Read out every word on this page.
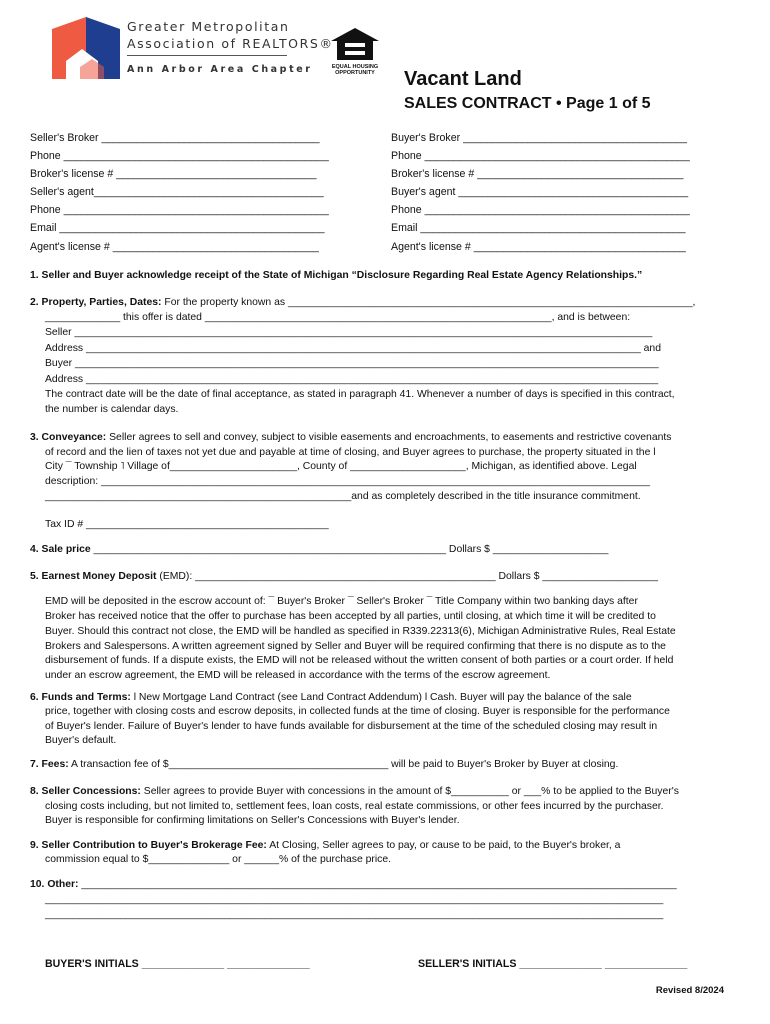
Greater Metropolitan
Association of REALTORS®
Ann Arbor Area Chapter	EQUAL HOUSING
OPPORTUNITY	Vacant Land
SALES CONTRACT • Page 1 of 5
Seller's Broker _____________________________________
Phone _____________________________________________
Broker's license # __________________________________
Seller's agent_______________________________________
Phone _____________________________________________
Email _____________________________________________
Agent's license # ___________________________________
Buyer's Broker ______________________________________
Phone _____________________________________________
Broker's license # ___________________________________
Buyer's agent _______________________________________
Phone _____________________________________________
Email _____________________________________________
Agent's license # ____________________________________
1. Seller and Buyer acknowledge receipt of the State of Michigan “Disclosure Regarding Real Estate Agency Relationships.”
2. Property, Parties, Dates: For the property known as ______________________________________________________________________,
_____________ this offer is dated ____________________________________________________________, and is between:
Seller ____________________________________________________________________________________________________
Address ________________________________________________________________________________________________ and
Buyer _____________________________________________________________________________________________________
Address ___________________________________________________________________________________________________
The contract date will be the date of final acceptance, as stated in paragraph 41. Whenever a number of days is specified in this contract,
the number is calendar days.
3. Conveyance: Seller agrees to sell and convey, subject to visible easements and encroachments, to easements and restrictive covenants
of record and the lien of taxes not yet due and payable at time of closing, and Buyer agrees to purchase, the property situated in the l
City ¯ Township ˥ Village of______________________, County of ____________________, Michigan, as identified above. Legal
description: _______________________________________________________________________________________________
_____________________________________________________and as completely described in the title insurance commitment.
Tax ID # __________________________________________
4. Sale price _____________________________________________________________ Dollars $ ____________________
5. Earnest Money Deposit (EMD): ____________________________________________________ Dollars $ ____________________
EMD will be deposited in the escrow account of: ¯ Buyer's Broker ¯ Seller's Broker ¯ Title Company within two banking days after
Broker has received notice that the offer to purchase has been accepted by all parties, until closing, at which time it will be credited to
Buyer. Should this contract not close, the EMD will be handled as specified in R339.22313(6), Michigan Administrative Rules, Real Estate
Brokers and Salespersons. A written agreement signed by Seller and Buyer will be required confirming that there is no dispute as to the
disbursement of funds. If a dispute exists, the EMD will not be released without the written consent of both parties or a court order. If held
under an escrow agreement, the EMD will be released in accordance with the terms of the escrow agreement.
6. Funds and Terms: l New Mortgage Land Contract (see Land Contract Addendum) l Cash. Buyer will pay the balance of the sale
price, together with closing costs and escrow deposits, in collected funds at the time of closing. Buyer is responsible for the performance
of Buyer's lender. Failure of Buyer's lender to have funds available for disbursement at the time of the scheduled closing may result in
Buyer's default.
7. Fees: A transaction fee of $______________________________________ will be paid to Buyer's Broker by Buyer at closing.
8. Seller Concessions: Seller agrees to provide Buyer with concessions in the amount of $__________ or ___% to be applied to the Buyer's
closing costs including, but not limited to, settlement fees, loan costs, real estate commissions, or other fees incurred by the purchaser.
Buyer is responsible for confirming limitations on Seller's Concessions with Buyer's lender.
9. Seller Contribution to Buyer's Brokerage Fee: At Closing, Seller agrees to pay, or cause to be paid, to the Buyer's broker, a
commission equal to $______________ or ______% of the purchase price.
10. Other: _______________________________________________________________________________________________________
___________________________________________________________________________________________________________
___________________________________________________________________________________________________________
BUYER'S INITIALS ______________ ______________	SELLER'S INITIALS ______________ ______________
Revised 8/2024
